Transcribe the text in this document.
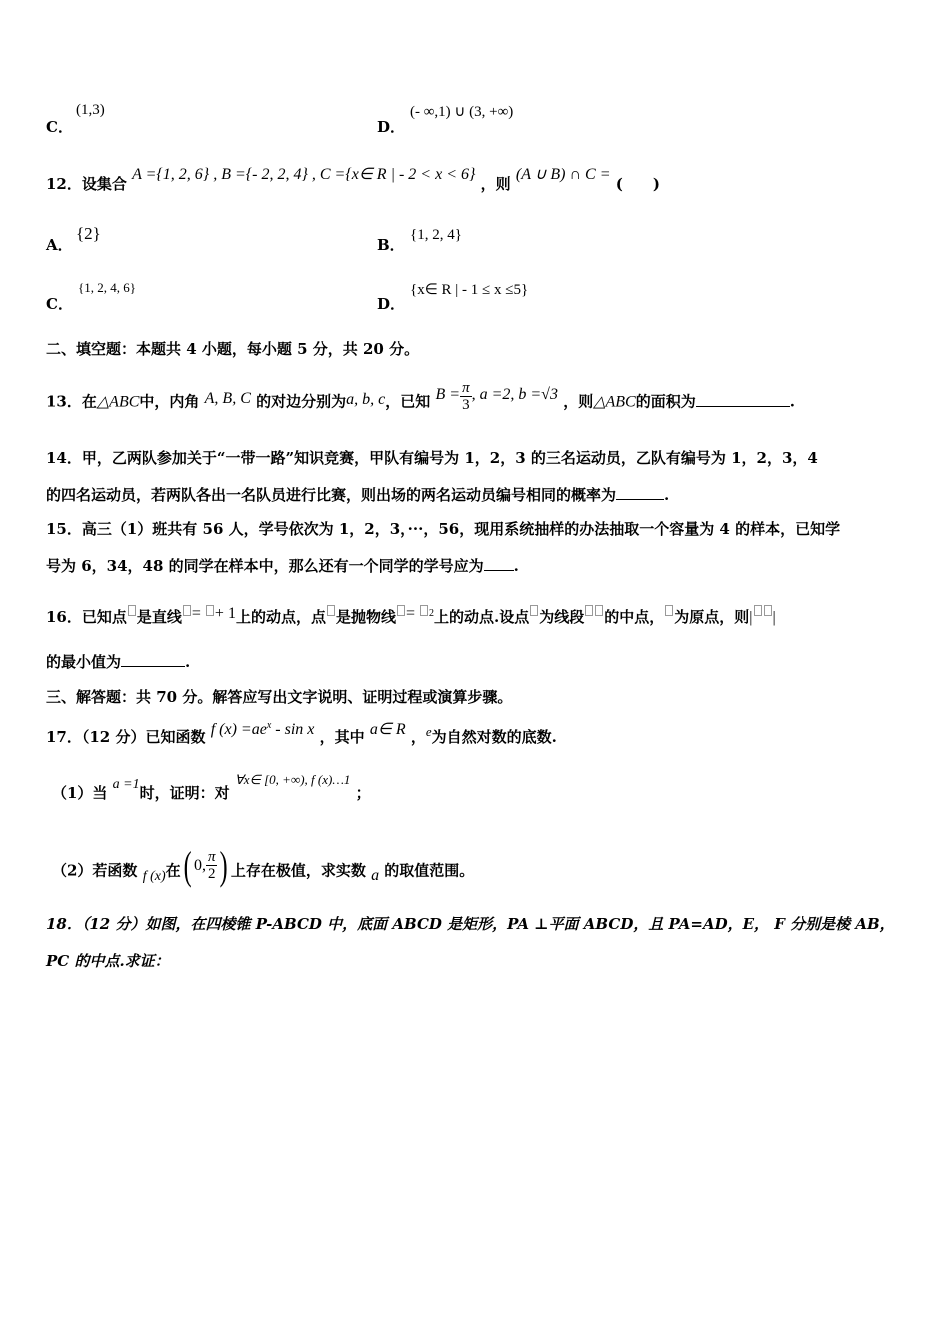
C．
(1,3)
D．
(- ∞,1) ∪ (3, +∞)
12．设集合 A ={1, 2, 6} , B ={- 2, 2, 4} , C ={x∈ R | - 2 < x < 6} ，则 (A ∪ B) ∩ C = (　　)
A．
{2}
B．
{1, 2, 4}
C．
{1, 2, 4, 6}
D．
{x∈ R | - 1 ≤ x ≤5}
二、填空题：本题共 4 小题，每小题 5 分，共 20 分。
13．在△ABC中，内角 A, B, C 的对边分别为a, b, c，已知 $B = \frac{\pi}{3}$ , a =2, b =√3 ，则△ABC的面积为	.
14．甲，乙两队参加关于“一带一路”知识竞赛，甲队有编号为 1，2，3 的三名运动员，乙队有编号为 1，2，3，4
的四名运动员，若两队各出一名队员进行比赛，则出场的两名运动员编号相同的概率为	.
15．高三（1）班共有 56 人，学号依次为 1，2，3，···，56，现用系统抽样的办法抽取一个容量为 4 的样本，已知学
号为 6，34，48 的同学在样本中，那么还有一个同学的学号应为 .
16．已知点 是直线 = + 1上的动点，点 是抛物线 = $^2$上的动点.设点 为线段 的中点， 为原点，则| |
的最小值为	.
三、解答题：共 70 分。解答应写出文字说明、证明过程或演算步骤。
17．（12 分）已知函数 f $(x) =ae^x - \sin x$ ，其中 a∈ R ，e为自然对数的底数.
（1）当 a =1时，证明：对 ∀x∈ [0, +∞), f (x)…1 ；
（2）若函数 f (x)在( 0, $\frac{\pi}{2}$ ) 上存在极值，求实数 a 的取值范围。
18．（12 分）如图，在四棱锥 P-ABCD 中，底面 ABCD 是矩形，PA ⊥平面 ABCD，且 PA=AD，E， F 分别是棱 AB，
PC 的中点.求证：
